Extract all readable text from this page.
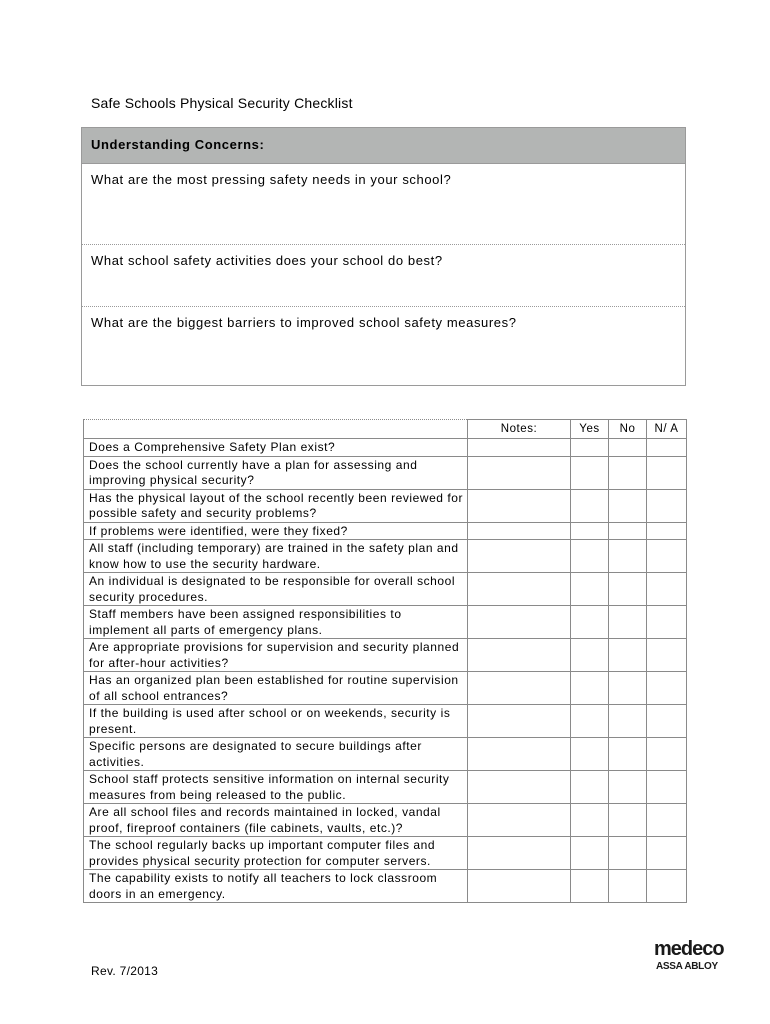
Safe Schools Physical Security Checklist
Understanding Concerns:
What are the most pressing safety needs in your school?
What school safety activities does your school do best?
What are the biggest barriers to improved school safety measures?
	Notes:	Yes	No	N/ A
Does a Comprehensive Safety Plan exist?				
Does the school currently have a plan for assessing and improving physical security?				
Has the physical layout of the school recently been reviewed for possible safety and security problems?				
If problems were identified, were they fixed?				
All staff (including temporary) are trained in the safety plan and know how to use the security hardware.				
An individual is designated to be responsible for overall school security procedures.				
Staff members have been assigned responsibilities to implement all parts of emergency plans.				
Are appropriate provisions for supervision and security planned for after-hour activities?				
Has an organized plan been established for routine supervision of all school entrances?				
If the building is used after school or on weekends, security is present.				
Specific persons are designated to secure buildings after activities.				
School staff protects sensitive information on internal security measures from being released to the public.				
Are all school files and records maintained in locked, vandal proof, fireproof containers (file cabinets, vaults, etc.)?				
The school regularly backs up important computer files and provides physical security protection for computer servers.				
The capability exists to notify all teachers to lock classroom doors in an emergency.				
Rev. 7/2013
medeco
ASSA ABLOY
